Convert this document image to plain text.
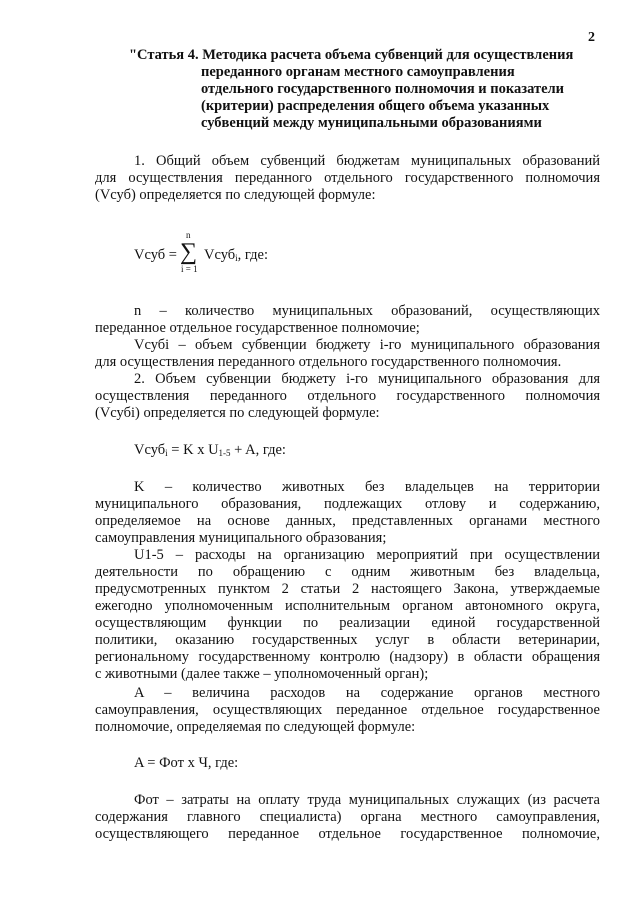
2
"Статья 4. Методика расчета объема субвенций для осуществления
переданного органам местного самоуправления
отдельного государственного полномочия и показатели
(критерии) распределения общего объема указанных
субвенций между муниципальными образованиями
1. Общий объем субвенций бюджетам муниципальных образований
для осуществления переданного отдельного государственного полномочия
(Vсуб) определяется по следующей формуле:
n
∑
i = 1
Vсуб = Vсуб$_i$, где:
n – количество муниципальных образований, осуществляющих
переданное отдельное государственное полномочие;
Vсубi – объем субвенции бюджету i-го муниципального образования
для осуществления переданного отдельного государственного полномочия.
2. Объем субвенции бюджету i-го муниципального образования для
осуществления переданного отдельного государственного полномочия
(Vсубi) определяется по следующей формуле:
Vсуб$_i$ = K x $U_{1-5} + A$, где:
K – количество животных без владельцев на территории
муниципального образования, подлежащих отлову и содержанию,
определяемое на основе данных, представленных органами местного
самоуправления муниципального образования;
U1-5 – расходы на организацию мероприятий при осуществлении
деятельности по обращению с одним животным без владельца,
предусмотренных пунктом 2 статьи 2 настоящего Закона, утверждаемые
ежегодно уполномоченным исполнительным органом автономного округа,
осуществляющим функции по реализации единой государственной
политики, оказанию государственных услуг в области ветеринарии,
региональному государственному контролю (надзору) в области обращения
с животными (далее также – уполномоченный орган);
A – величина расходов на содержание органов местного
самоуправления, осуществляющих переданное отдельное государственное
полномочие, определяемая по следующей формуле:
A = Фот x Ч, где:
Фот – затраты на оплату труда муниципальных служащих (из расчета
содержания главного специалиста) органа местного самоуправления,
осуществляющего переданное отдельное государственное полномочие,
